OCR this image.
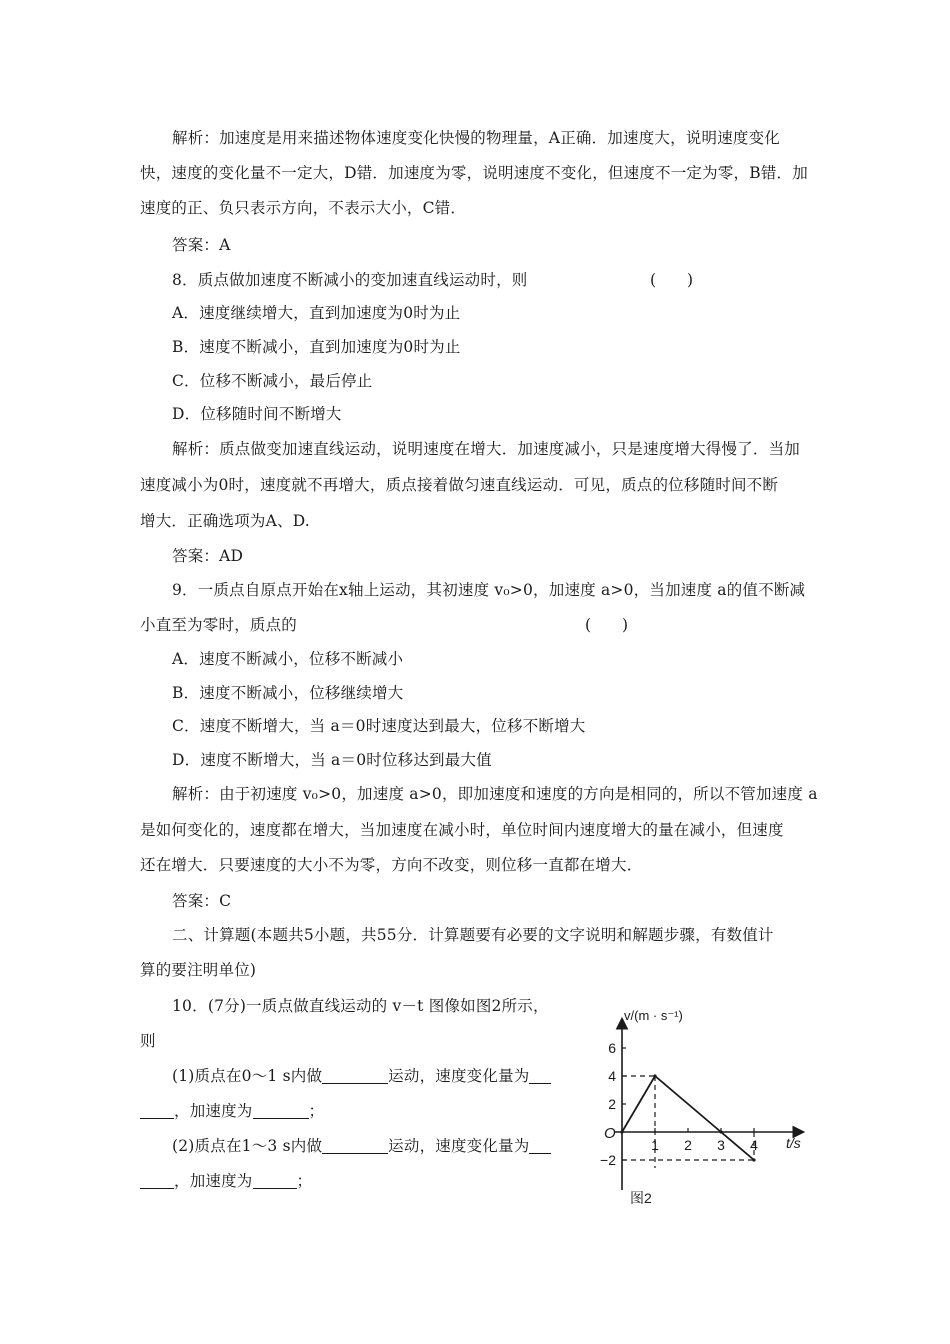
解析：加速度是用来描述物体速度变化快慢的物理量，A正确．加速度大，说明速度变化
快，速度的变化量不一定大，D错．加速度为零，说明速度不变化，但速度不一定为零，B错．加
速度的正、负只表示方向，不表示大小，C错．
答案：A
8．质点做加速度不断减小的变加速直线运动时，则	(　　)
A．速度继续增大，直到加速度为0时为止
B．速度不断减小，直到加速度为0时为止
C．位移不断减小，最后停止
D．位移随时间不断增大
解析：质点做变加速直线运动，说明速度在增大．加速度减小，只是速度增大得慢了．当加
速度减小为0时，速度就不再增大，质点接着做匀速直线运动．可见，质点的位移随时间不断
增大．正确选项为A、D.
答案：AD
9．一质点自原点开始在x轴上运动，其初速度 v₀>0，加速度 a>0，当加速度 a的值不断减
小直至为零时，质点的	(　　)
A．速度不断减小，位移不断减小
B．速度不断减小，位移继续增大
C．速度不断增大，当 a＝0时速度达到最大，位移不断增大
D．速度不断增大，当 a＝0时位移达到最大值
解析：由于初速度 v₀>0，加速度 a>0，即加速度和速度的方向是相同的，所以不管加速度 a
是如何变化的，速度都在增大，当加速度在减小时，单位时间内速度增大的量在减小，但速度
还在增大．只要速度的大小不为零，方向不改变，则位移一直都在增大．
答案：C
二、计算题(本题共5小题，共55分．计算题要有必要的文字说明和解题步骤，有数值计
算的要注明单位)
10．(7分)一质点做直线运动的 v－t 图像如图2所示，
则
(1)质点在0～1 s内做	运动，速度变化量为
，加速度为	；
(2)质点在1～3 s内做	运动，速度变化量为
，加速度为	；
v/(m · s⁻¹)
t/s
O
图2
6
4
2
−2
1 2 3 4
